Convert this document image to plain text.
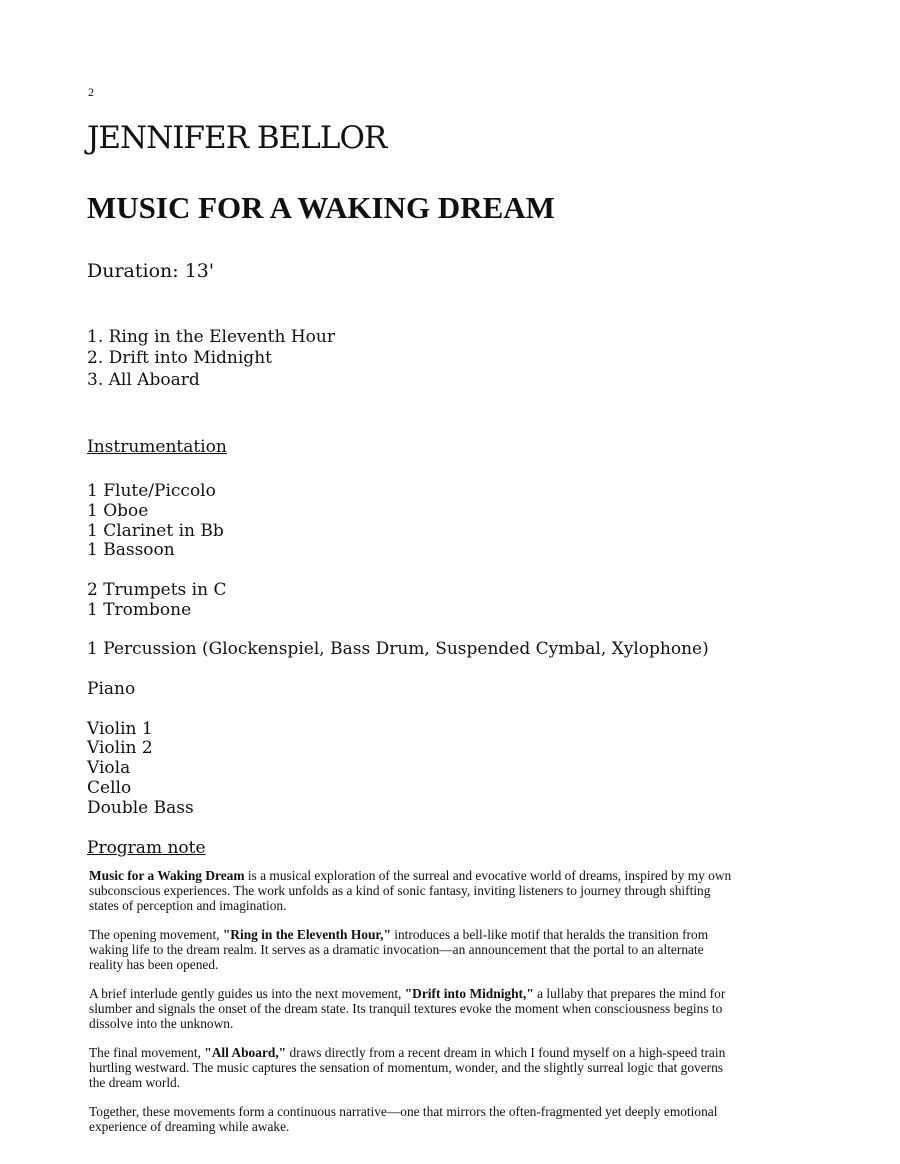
2
JENNIFER BELLOR
MUSIC FOR A WAKING DREAM
Duration: 13'
1. Ring in the Eleventh Hour
2. Drift into Midnight
3. All Aboard
Instrumentation
1 Flute/Piccolo
1 Oboe
1 Clarinet in Bb
1 Bassoon
2 Trumpets in C
1 Trombone
1 Percussion (Glockenspiel, Bass Drum, Suspended Cymbal, Xylophone)
Piano
Violin 1
Violin 2
Viola
Cello
Double Bass
Program note

Music for a Waking Dream is a musical exploration of the surreal and evocative world of dreams, inspired by my own subconscious experiences. The work unfolds as a kind of sonic fantasy, inviting listeners to journey through shifting states of perception and imagination.

The opening movement, "Ring in the Eleventh Hour," introduces a bell-like motif that heralds the transition from waking life to the dream realm. It serves as a dramatic invocation—an announcement that the portal to an alternate reality has been opened.

A brief interlude gently guides us into the next movement, "Drift into Midnight," a lullaby that prepares the mind for slumber and signals the onset of the dream state. Its tranquil textures evoke the moment when consciousness begins to dissolve into the unknown.

The final movement, "All Aboard," draws directly from a recent dream in which I found myself on a high-speed train hurtling westward. The music captures the sensation of momentum, wonder, and the slightly surreal logic that governs the dream world.

Together, these movements form a continuous narrative—one that mirrors the often-fragmented yet deeply emotional experience of dreaming while awake.
